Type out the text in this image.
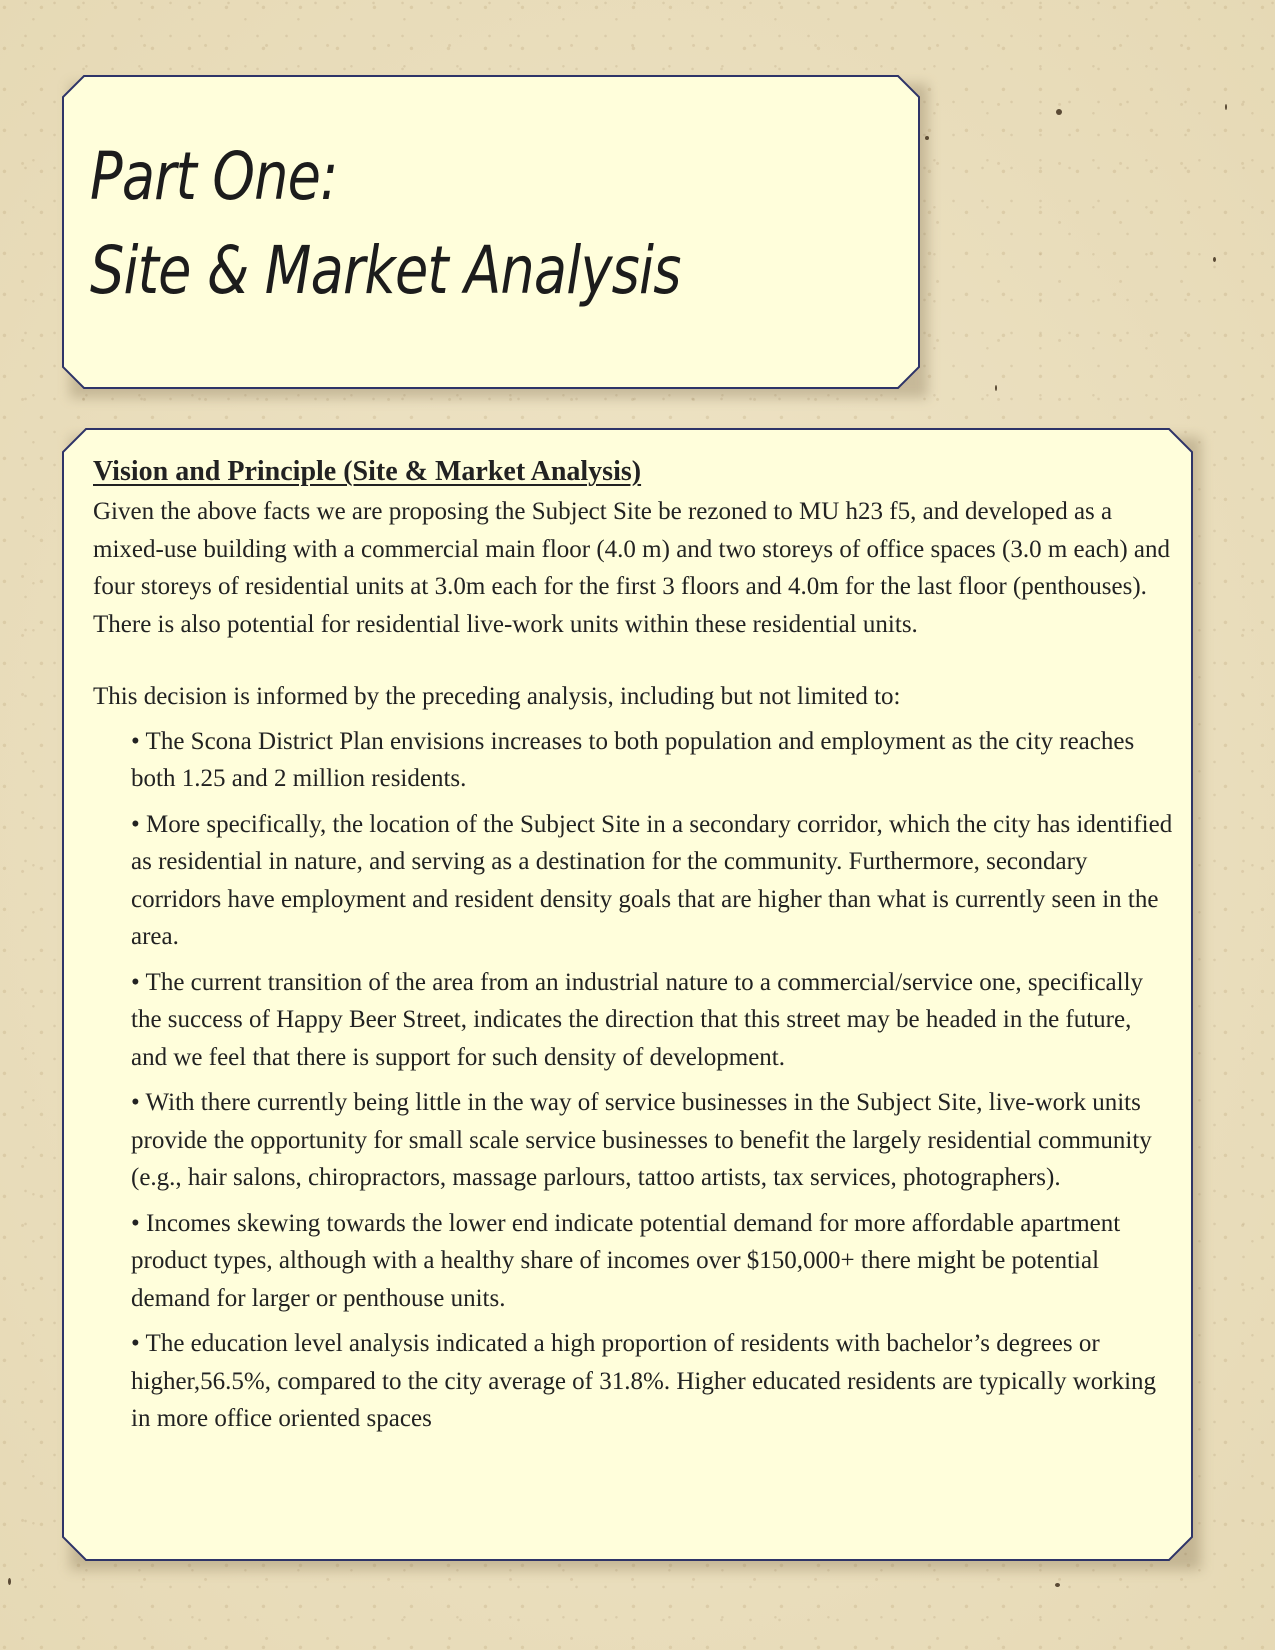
Part One:
Site & Market Analysis
Vision and Principle (Site & Market Analysis)

Given the above facts we are proposing the Subject Site be rezoned to MU h23 f5, and developed as a mixed-use building with a commercial main floor (4.0 m) and two storeys of office spaces (3.0 m each) and four storeys of residential units at 3.0m each for the first 3 floors and 4.0m for the last floor (penthouses). There is also potential for residential live-work units within these residential units.

This decision is informed by the preceding analysis, including but not limited to:

• The Scona District Plan envisions increases to both population and employment as the city reaches both 1.25 and 2 million residents.
• More specifically, the location of the Subject Site in a secondary corridor, which the city has identified as residential in nature, and serving as a destination for the community. Furthermore, secondary corridors have employment and resident density goals that are higher than what is currently seen in the area.
• The current transition of the area from an industrial nature to a commercial/service one, specifically the success of Happy Beer Street, indicates the direction that this street may be headed in the future, and we feel that there is support for such density of development.
• With there currently being little in the way of service businesses in the Subject Site, live-work units provide the opportunity for small scale service businesses to benefit the largely residential community (e.g., hair salons, chiropractors, massage parlours, tattoo artists, tax services, photographers).
• Incomes skewing towards the lower end indicate potential demand for more affordable apartment product types, although with a healthy share of incomes over $150,000+ there might be potential demand for larger or penthouse units.
• The education level analysis indicated a high proportion of residents with bachelor’s degrees or higher,56.5%, compared to the city average of 31.8%. Higher educated residents are typically working in more office oriented spaces
